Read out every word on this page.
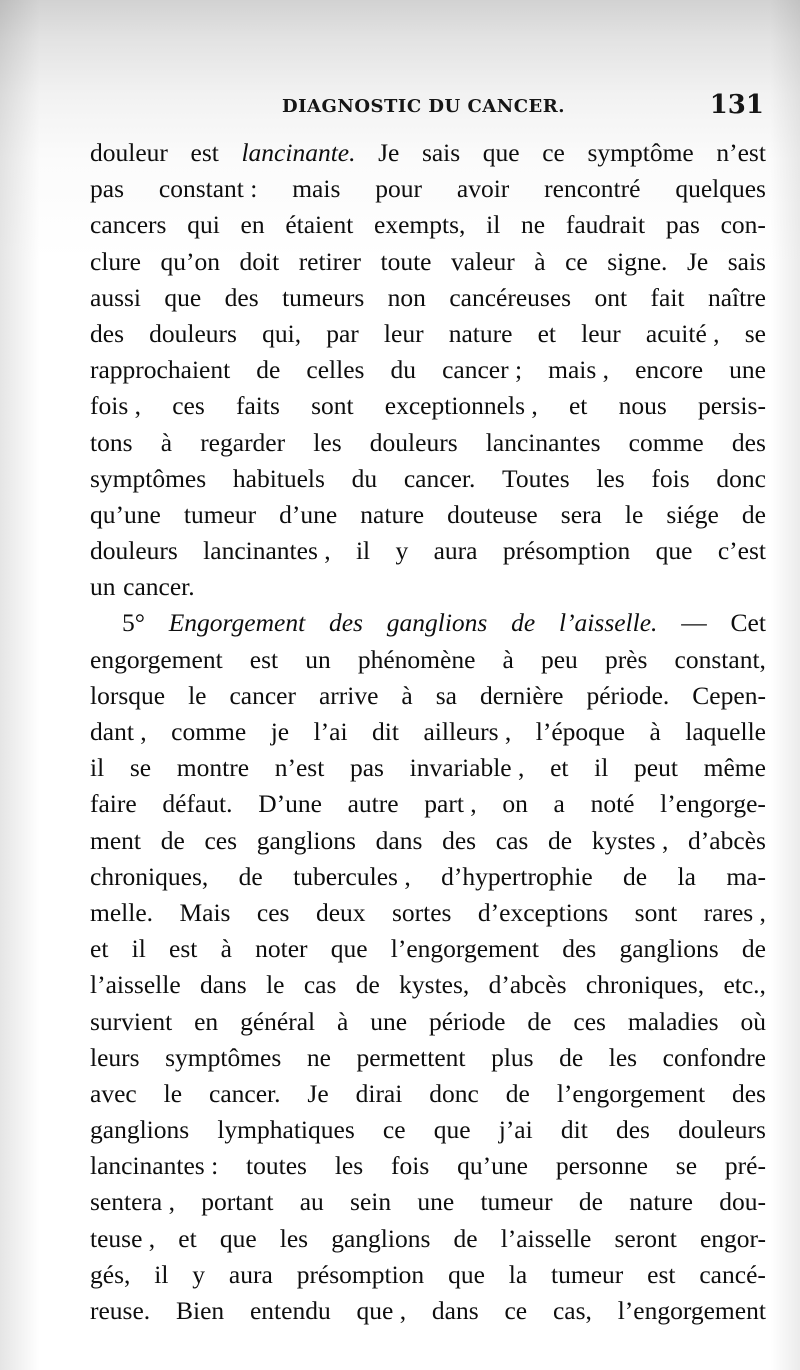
DIAGNOSTIC DU CANCER.	131
douleur est lancinante. Je sais que ce symptôme n’est
pas constant : mais pour avoir rencontré quelques
cancers qui en étaient exempts, il ne faudrait pas con-
clure qu’on doit retirer toute valeur à ce signe. Je sais
aussi que des tumeurs non cancéreuses ont fait naître
des douleurs qui, par leur nature et leur acuité , se
rapprochaient de celles du cancer ; mais , encore une
fois , ces faits sont exceptionnels , et nous persis-
tons à regarder les douleurs lancinantes comme des
symptômes habituels du cancer. Toutes les fois donc
qu’une tumeur d’une nature douteuse sera le siége de
douleurs lancinantes , il y aura présomption que c’est
un cancer.
5° Engorgement des ganglions de l’aisselle. — Cet
engorgement est un phénomène à peu près constant,
lorsque le cancer arrive à sa dernière période. Cepen-
dant , comme je l’ai dit ailleurs , l’époque à laquelle
il se montre n’est pas invariable , et il peut même
faire défaut. D’une autre part , on a noté l’engorge-
ment de ces ganglions dans des cas de kystes , d’abcès
chroniques, de tubercules , d’hypertrophie de la ma-
melle. Mais ces deux sortes d’exceptions sont rares ,
et il est à noter que l’engorgement des ganglions de
l’aisselle dans le cas de kystes, d’abcès chroniques, etc.,
survient en général à une période de ces maladies où
leurs symptômes ne permettent plus de les confondre
avec le cancer. Je dirai donc de l’engorgement des
ganglions lymphatiques ce que j’ai dit des douleurs
lancinantes : toutes les fois qu’une personne se pré-
sentera , portant au sein une tumeur de nature dou-
teuse , et que les ganglions de l’aisselle seront engor-
gés, il y aura présomption que la tumeur est cancé-
reuse. Bien entendu que , dans ce cas, l’engorgement
